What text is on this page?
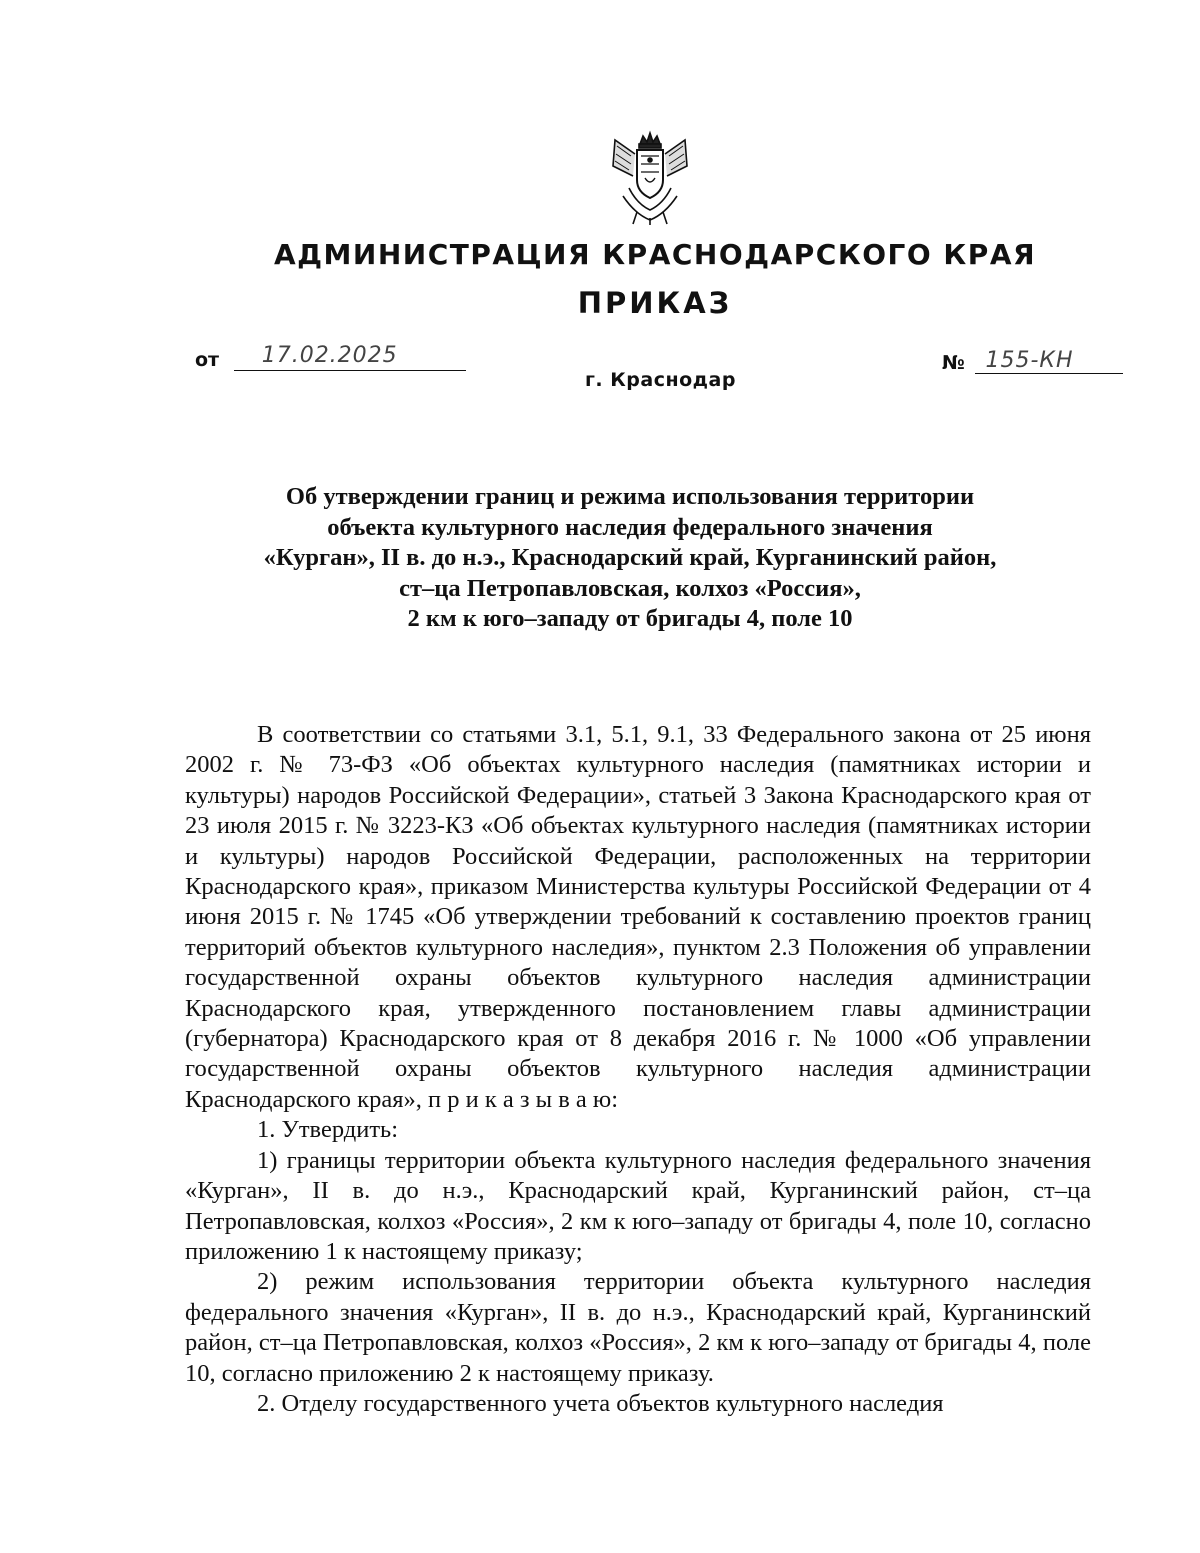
АДМИНИСТРАЦИЯ КРАСНОДАРСКОГО КРАЯ
ПРИКАЗ
от 17.02.2025	№ 155-КН
г. Краснодар
Об утверждении границ и режима использования территории
объекта культурного наследия федерального значения
«Курган», II в. до н.э., Краснодарский край, Курганинский район,
ст–ца Петропавловская, колхоз «Россия»,
2 км к юго–западу от бригады 4, поле 10

В соответствии со статьями 3.1, 5.1, 9.1, 33 Федерального закона от 25 июня 2002 г. № 73-ФЗ «Об объектах культурного наследия (памятниках истории и культуры) народов Российской Федерации», статьей 3 Закона Краснодарского края от 23 июля 2015 г. № 3223-КЗ «Об объектах культурного наследия (памятниках истории и культуры) народов Российской Федерации, расположенных на территории Краснодарского края», приказом Министерства культуры Российской Федерации от 4 июня 2015 г. № 1745 «Об утверждении требований к составлению проектов границ территорий объектов культурного наследия», пунктом 2.3 Положения об управлении государственной охраны объектов культурного наследия администрации Краснодарского края, утвержденного постановлением главы администрации (губернатора) Краснодарского края от 8 декабря 2016 г. № 1000 «Об управлении государственной охраны объектов культурного наследия администрации Краснодарского края», п р и к а з ы в а ю:

1. Утвердить:

1) границы территории объекта культурного наследия федерального значения «Курган», II в. до н.э., Краснодарский край, Курганинский район, ст–ца Петропавловская, колхоз «Россия», 2 км к юго–западу от бригады 4, поле 10, согласно приложению 1 к настоящему приказу;

2) режим использования территории объекта культурного наследия федерального значения «Курган», II в. до н.э., Краснодарский край, Курганинский район, ст–ца Петропавловская, колхоз «Россия», 2 км к юго–западу от бригады 4, поле 10, согласно приложению 2 к настоящему приказу.

2. Отделу государственного учета объектов культурного наследия
